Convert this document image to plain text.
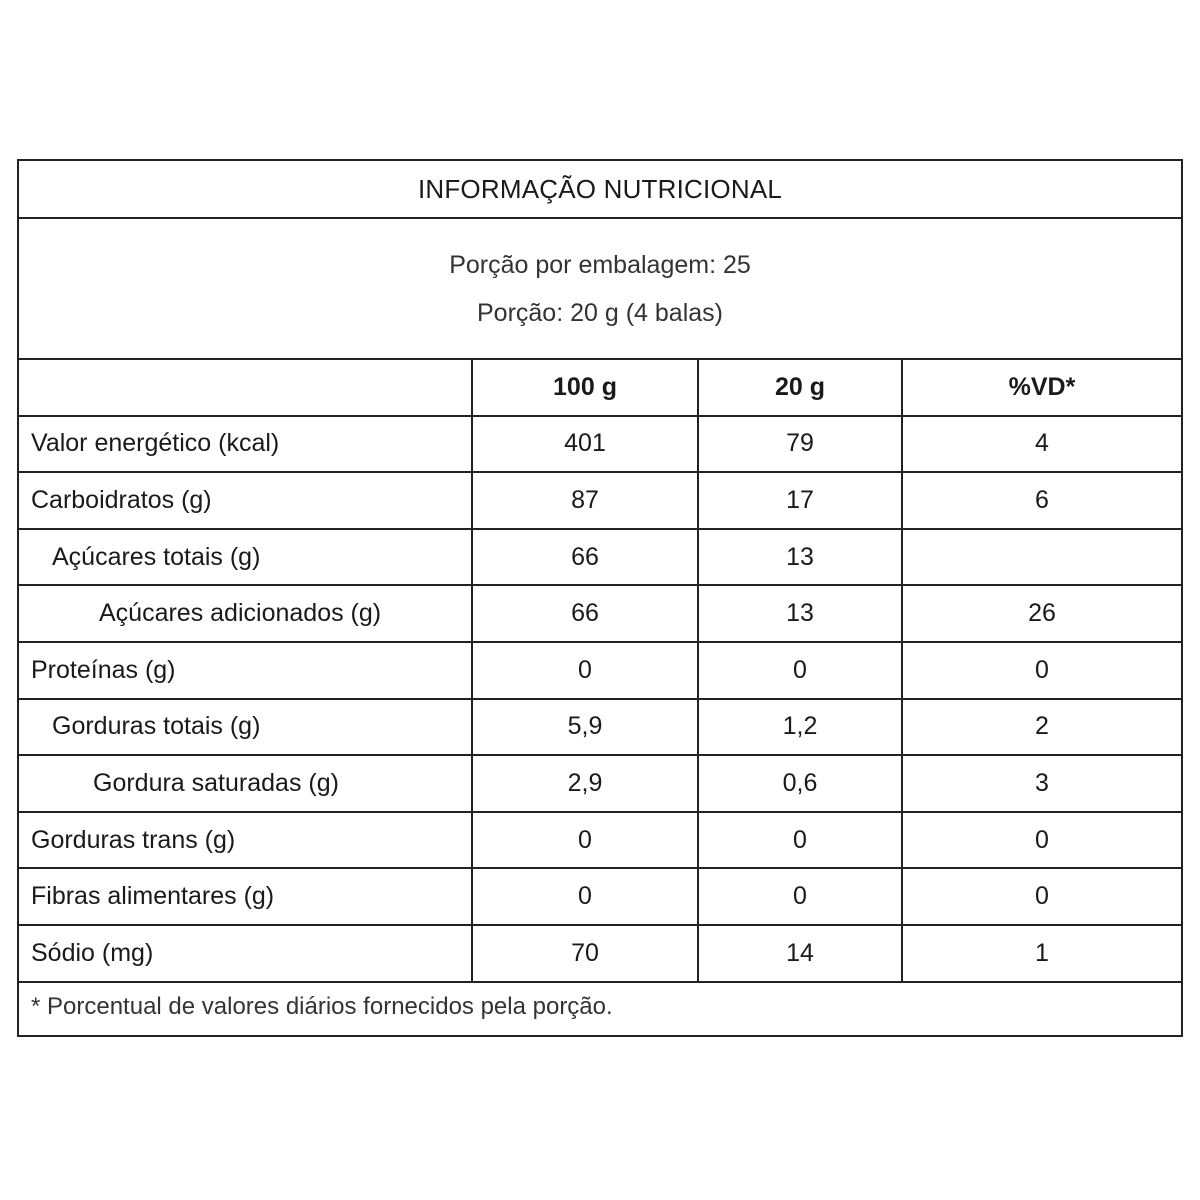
INFORMAÇÃO NUTRICIONAL
Porção por embalagem: 25
Porção: 20 g (4 balas)
100 g	20 g	%VD*
Valor energético (kcal)	401	79	4
Carboidratos (g)	87	17	6
Açúcares totais (g)	66	13
Açúcares adicionados (g)	66	13	26
Proteínas (g)	0	0	0
Gorduras totais (g)	5,9	1,2	2
Gordura saturadas (g)	2,9	0,6	3
Gorduras trans (g)	0	0	0
Fibras alimentares (g)	0	0	0
Sódio (mg)	70	14	1
* Porcentual de valores diários fornecidos pela porção.
